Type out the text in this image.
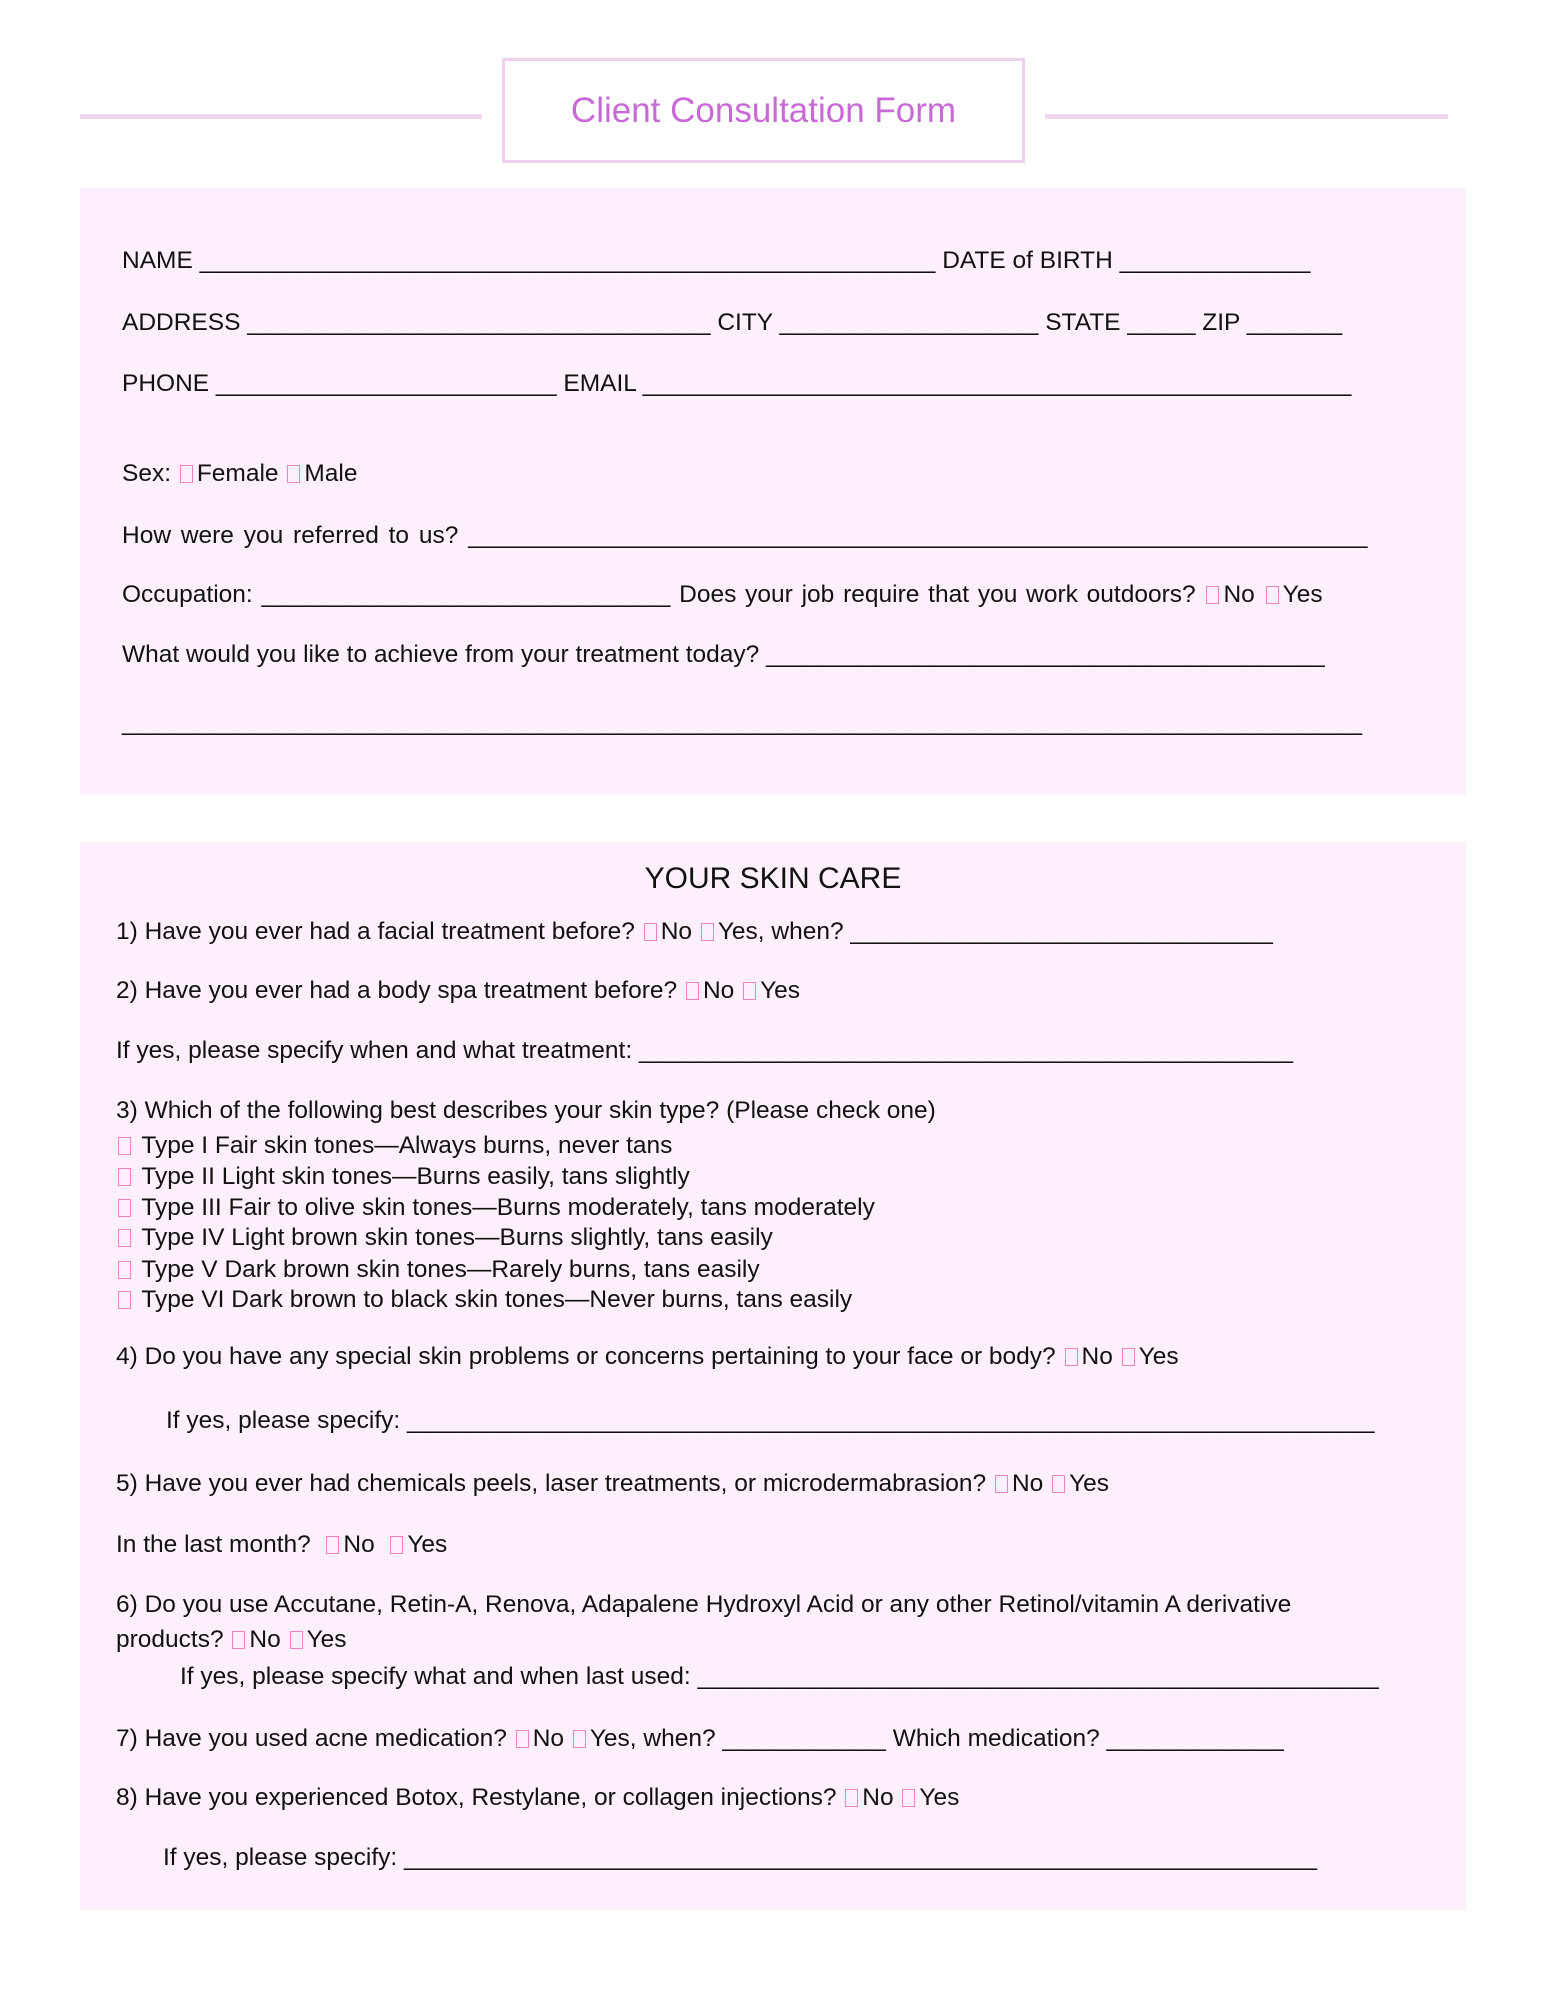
Client Consultation Form
NAME ______________________________________________________ DATE of BIRTH ______________
ADDRESS __________________________________ CITY ___________________ STATE _____ ZIP _______
PHONE _________________________ EMAIL ____________________________________________________
Sex: Female Male
How were you referred to us? __________________________________________________________________
Occupation: ______________________________ Does your job require that you work outdoors? No Yes
What would you like to achieve from your treatment today? _________________________________________
___________________________________________________________________________________________
YOUR SKIN CARE
1) Have you ever had a facial treatment before? No Yes, when? _______________________________
2) Have you ever had a body spa treatment before? No Yes
If yes, please specify when and what treatment: ________________________________________________
3) Which of the following best describes your skin type? (Please check one)
Type I Fair skin tones—Always burns, never tans
Type II Light skin tones—Burns easily, tans slightly
Type III Fair to olive skin tones—Burns moderately, tans moderately
Type IV Light brown skin tones—Burns slightly, tans easily
Type V Dark brown skin tones—Rarely burns, tans easily
Type VI Dark brown to black skin tones—Never burns, tans easily
4) Do you have any special skin problems or concerns pertaining to your face or body? No Yes
If yes, please specify: _______________________________________________________________________
5) Have you ever had chemicals peels, laser treatments, or microdermabrasion? No Yes
In the last month? No Yes
6) Do you use Accutane, Retin-A, Renova, Adapalene Hydroxyl Acid or any other Retinol/vitamin A derivative
products? No Yes
If yes, please specify what and when last used: __________________________________________________
7) Have you used acne medication? No Yes, when? ____________ Which medication? _____________
8) Have you experienced Botox, Restylane, or collagen injections? No Yes
If yes, please specify: ___________________________________________________________________
